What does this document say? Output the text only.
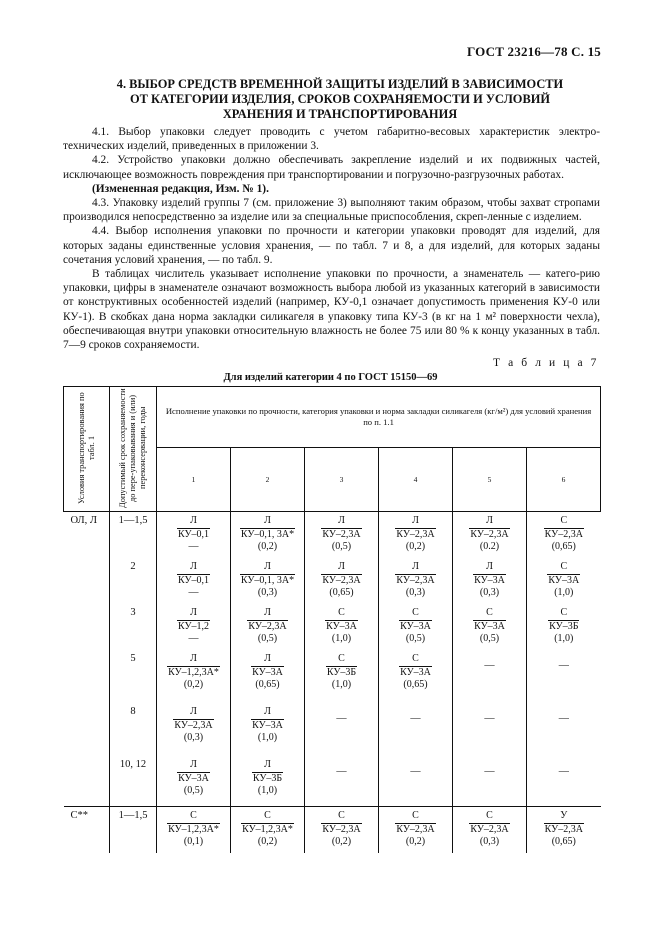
ГОСТ 23216—78 С. 15
4. ВЫБОР СРЕДСТВ ВРЕМЕННОЙ ЗАЩИТЫ ИЗДЕЛИЙ В ЗАВИСИМОСТИ
ОТ КАТЕГОРИИ ИЗДЕЛИЯ, СРОКОВ СОХРАНЯЕМОСТИ И УСЛОВИЙ
ХРАНЕНИЯ И ТРАНСПОРТИРОВАНИЯ

4.1. Выбор упаковки следует проводить с учетом габаритно-весовых характеристик электро-технических изделий, приведенных в приложении 3.

4.2. Устройство упаковки должно обеспечивать закрепление изделий и их подвижных частей, исключающее возможность повреждения при транспортировании и погрузочно-разгрузочных работах.

(Измененная редакция, Изм. № 1).

4.3. Упаковку изделий группы 7 (см. приложение 3) выполняют таким образом, чтобы захват стропами производился непосредственно за изделие или за специальные приспособления, скреп-ленные с изделием.

4.4. Выбор исполнения упаковки по прочности и категории упаковки проводят для изделий, для которых заданы единственные условия хранения, — по табл. 7 и 8, а для изделий, для которых заданы сочетания условий хранения, — по табл. 9.

В таблицах числитель указывает исполнение упаковки по прочности, а знаменатель — катего-рию упаковки, цифры в знаменателе означают возможность выбора любой из указанных категорий в зависимости от конструктивных особенностей изделий (например, КУ-0,1 означает допустимость применения КУ-0 или КУ-1). В скобках дана норма закладки силикагеля в упаковку типа КУ-3 (в кг на 1 м² поверхности чехла), обеспечивающая внутри упаковки относительную влажность не более 75 или 80 % к концу указанных в табл. 7—9 сроков сохраняемости.

Т а б л и ц а 7
Для изделий категории 4 по ГОСТ 15150—69
Условия транспортирования по табл. 1	Допустимый срок сохраняемости до пере-упаковывания и (или) переконсервации, годы	Исполнение упаковки по прочности, категория упаковки и норма закладки силикагеля (кг/м²) для условий хранения по п. 1.1					

		1	2	3	4	5	6
ОЛ, Л	1—1,5	Л
КУ–0,1
—	Л
КУ–0,1, 3А*
(0,2)	Л
КУ–2,3А
(0,5)	Л
КУ–2,3А
(0,2)	Л
КУ–2,3А
(0.2)	С
КУ–2,3А
(0,65)

	2	Л
КУ–0,1
—	Л
КУ–0,1, 3А*
(0,3)	Л
КУ–2,3А
(0,65)	Л
КУ–2,3А
(0,3)	Л
КУ–3А
(0,3)	С
КУ–3А
(1,0)

	3	Л
КУ–1,2
—	Л
КУ–2,3А
(0,5)	С
КУ–3А
(1,0)	С
КУ–3А
(0,5)	С
КУ–3А
(0,5)	С
КУ–3Б
(1,0)

	5	Л
КУ–1,2,3А*
(0,2)	Л
КУ–3А
(0,65)	С
КУ–3Б
(1,0)	С
КУ–3А
(0,65)	—	—
	8	Л
КУ–2,3А
(0,3)	Л
КУ–3А
(1,0)	—	—	—	—
	10, 12	Л
КУ–3А
(0,5)	Л
КУ–3Б
(1,0)	—	—	—	—
С**	1—1,5	С
КУ–1,2,3А*
(0,1)	С
КУ–1,2,3А*
(0,2)	С
КУ–2,3А
(0,2)	С
КУ–2,3А
(0,2)	С
КУ–2,3А
(0,3)	У
КУ–2,3А
(0,65)
